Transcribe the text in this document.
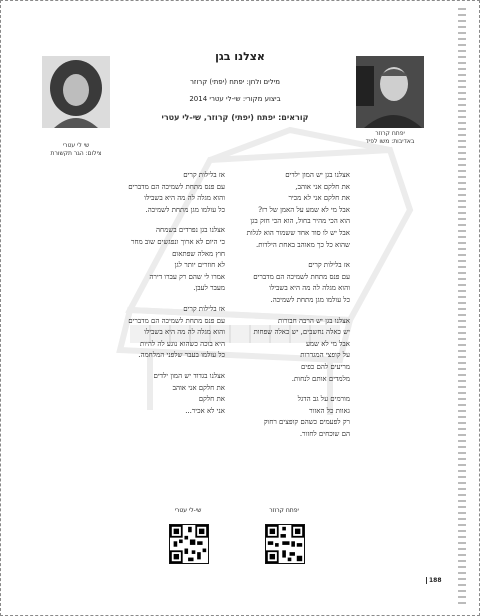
יפתח קרוזר
באדיבות: משו לפיד
שי לי עטרי
צילום: הגר תקשורת
אצלנו בגן
מילים ולחן: יפתח (יפתי) קרוזר
ביצוע מקורי: שי-לי עטרי 2014
קוראים: יפתח (יפתי) קרוזר, שי-לי עטרי
אצלנו בגן יש המון ילדים
את חלקם אני אוהב,
את חלקם אני לא מכיר
אבל מי לא שמע על האמן של רז?
הוא הכי מהיר בחול, הוא הכי חזק בגן
אבל יש לו סוד אחד ששמור הוא לגלות
שהוא כל כך מאוהב באחת הילדות.
אז בלילות קרים
עם פנס מתחת לשמיכה הם מדברים
והוא מגלה לה מה היא בשבילו
כל עולמו מגן מתחת לשמיכה.
אצלנו בגן יש הרבה חבורות
יש כאלה נחשבים, יש כאלה שפחות
אבל מי לא שמע
על קופצי המגדרות
מריעים להם כפים
מלמדים אותם לנחות.
מורמים על גב הדגל
גאוות כל האזור
רק לפעמים כשהם קופצים רחוק
הם שוכחים לחזור.
אז בלילות קרים
עם פנס מתחת לשמיכה הם מדברים
והוא מגלה לה מה היא בשבילו
כל עולמו מגן מתחת לשמיכה.
אצלנו בגן נפרדים בשמחה
כי היום לא ארוך ונפגשים שוב מחר
חוץ מאלה שפתאום
לא חוזרים יותר לגן
אמרו לי שהם רק עברו דירה
מעבר לעבן.
אז בלילות קרים
עם פנס מתחת לשמיכה הם מדברים
והוא מגלה לה מה היא בשבילו
היא בוכה כשהוא נוגע לה להיות
כל עולמו בעבר שלפני המלחמה.
אצלנו בגדוד יש המון ילדים
את חלקם אני אוהב
את חלקם
אני לא אכיר...
יפתח קרוזר
שי-לי עטרי
188
